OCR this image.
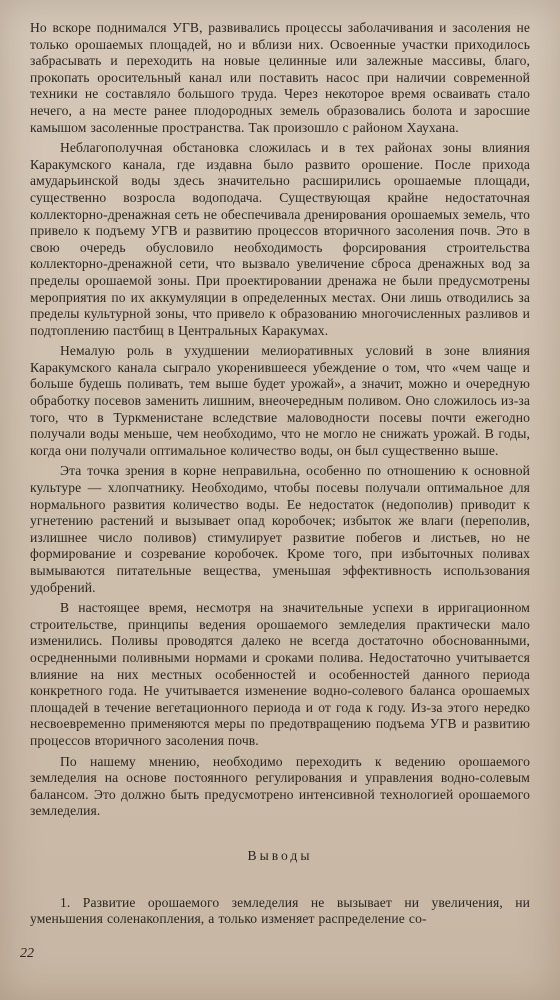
Но вскоре поднимался УГВ, развивались процессы заболачивания и засоления не только орошаемых площадей, но и вблизи них. Освоенные участки приходилось забрасывать и переходить на новые целинные или залежные массивы, благо, прокопать оросительный канал или поставить насос при наличии современной техники не составляло большого труда. Через некоторое время осваивать стало нечего, а на месте ранее плодородных земель образовались болота и заросшие камышом засоленные пространства. Так произошло с районом Хаухана.

Неблагополучная обстановка сложилась и в тех районах зоны влияния Каракумского канала, где издавна было развито орошение. После прихода амударьинской воды здесь значительно расширились орошаемые площади, существенно возросла водоподача. Существующая крайне недостаточная коллекторно-дренажная сеть не обеспечивала дренирования орошаемых земель, что привело к подъему УГВ и развитию процессов вторичного засоления почв. Это в свою очередь обусловило необходимость форсирования строительства коллекторно-дренажной сети, что вызвало увеличение сброса дренажных вод за пределы орошаемой зоны. При проектировании дренажа не были предусмотрены мероприятия по их аккумуляции в определенных местах. Они лишь отводились за пределы культурной зоны, что привело к образованию многочисленных разливов и подтоплению пастбищ в Центральных Каракумах.

Немалую роль в ухудшении мелиоративных условий в зоне влияния Каракумского канала сыграло укоренившееся убеждение о том, что «чем чаще и больше будешь поливать, тем выше будет урожай», а значит, можно и очередную обработку посевов заменить лишним, внеочередным поливом. Оно сложилось из-за того, что в Туркменистане вследствие маловодности посевы почти ежегодно получали воды меньше, чем необходимо, что не могло не снижать урожай. В годы, когда они получали оптимальное количество воды, он был существенно выше.

Эта точка зрения в корне неправильна, особенно по отношению к основной культуре — хлопчатнику. Необходимо, чтобы посевы получали оптимальное для нормального развития количество воды. Ее недостаток (недополив) приводит к угнетению растений и вызывает опад коробочек; избыток же влаги (переполив, излишнее число поливов) стимулирует развитие побегов и листьев, но не формирование и созревание коробочек. Кроме того, при избыточных поливах вымываются питательные вещества, уменьшая эффективность использования удобрений.

В настоящее время, несмотря на значительные успехи в ирригационном строительстве, принципы ведения орошаемого земледелия практически мало изменились. Поливы проводятся далеко не всегда достаточно обоснованными, осредненными поливными нормами и сроками полива. Недостаточно учитывается влияние на них местных особенностей и особенностей данного периода конкретного года. Не учитывается изменение водно-солевого баланса орошаемых площадей в течение вегетационного периода и от года к году. Из-за этого нередко несвоевременно применяются меры по предотвращению подъема УГВ и развитию процессов вторичного засоления почв.

По нашему мнению, необходимо переходить к ведению орошаемого земледелия на основе постоянного регулирования и управления водно-солевым балансом. Это должно быть предусмотрено интенсивной технологией орошаемого земледелия.

Выводы

1. Развитие орошаемого земледелия не вызывает ни увеличения, ни уменьшения соленакопления, а только изменяет распределение со-

22
